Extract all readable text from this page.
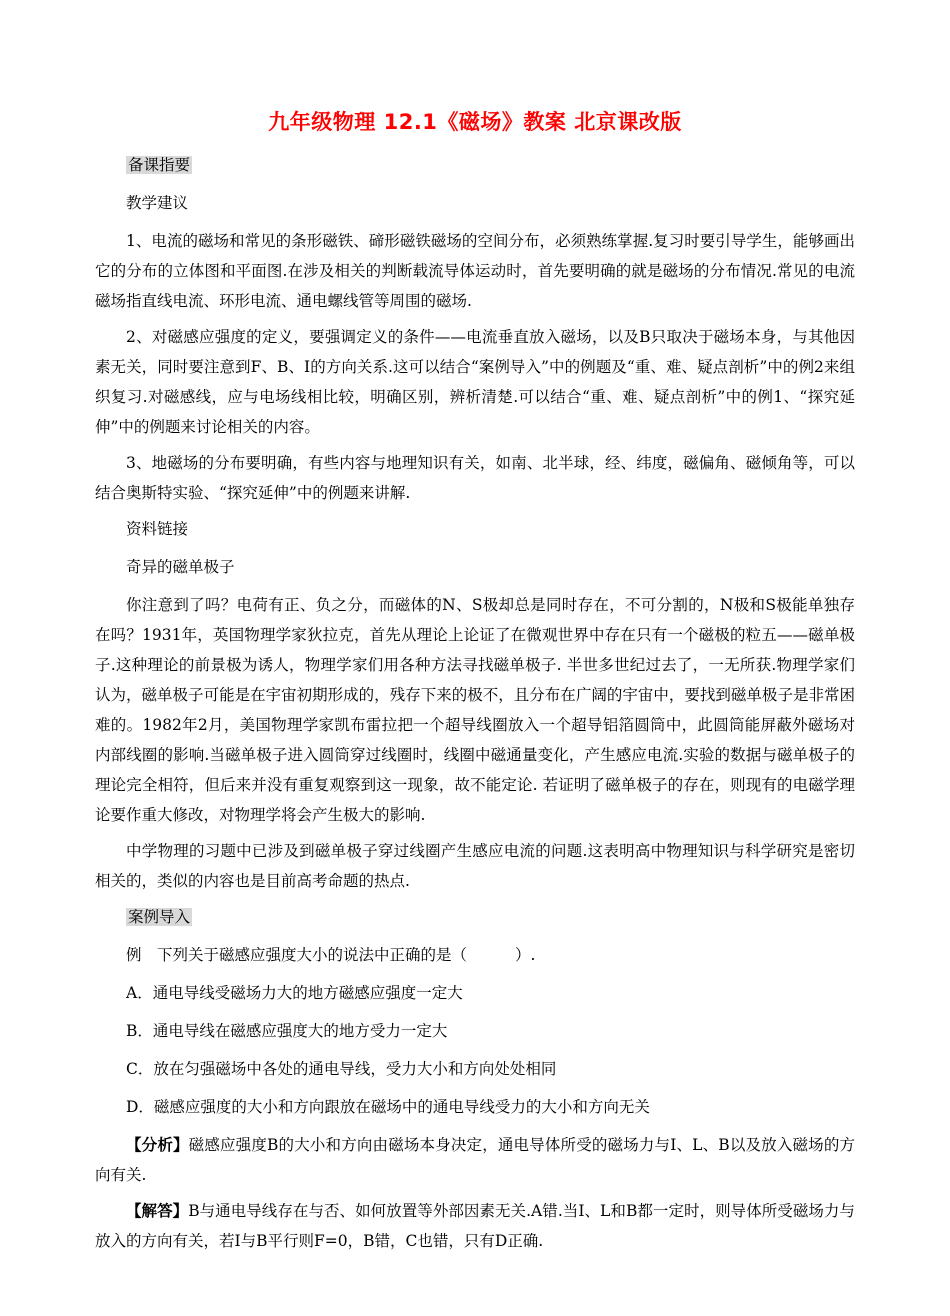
九年级物理 12.1《磁场》教案 北京课改版

备课指要

教学建议

1、电流的磁场和常见的条形磁铁、碲形磁铁磁场的空间分布，必须熟练掌握.复习时要引导学生，能够画出它的分布的立体图和平面图.在涉及相关的判断载流导体运动时，首先要明确的就是磁场的分布情况.常见的电流磁场指直线电流、环形电流、通电螺线管等周围的磁场.

2、对磁感应强度的定义，要强调定义的条件——电流垂直放入磁场，以及B只取决于磁场本身，与其他因素无关，同时要注意到F、B、I的方向关系.这可以结合“案例导入”中的例题及“重、难、疑点剖析”中的例2来组织复习.对磁感线，应与电场线相比较，明确区别，辨析清楚.可以结合“重、难、疑点剖析”中的例1、“探究延伸”中的例题来讨论相关的内容。

3、地磁场的分布要明确，有些内容与地理知识有关，如南、北半球，经、纬度，磁偏角、磁倾角等，可以结合奥斯特实验、“探究延伸”中的例题来讲解.

资料链接

奇异的磁单极子

你注意到了吗？电荷有正、负之分，而磁体的N、S极却总是同时存在，不可分割的，N极和S极能单独存在吗？1931年，英国物理学家狄拉克，首先从理论上论证了在微观世界中存在只有一个磁极的粒五——磁单极子.这种理论的前景极为诱人，物理学家们用各种方法寻找磁单极子. 半世多世纪过去了，一无所获.物理学家们认为，磁单极子可能是在宇宙初期形成的，残存下来的极不，且分布在广阔的宇宙中，要找到磁单极子是非常困难的。1982年2月，美国物理学家凯布雷拉把一个超导线圈放入一个超导铝箔圆筒中，此圆筒能屏蔽外磁场对内部线圈的影响.当磁单极子进入圆筒穿过线圈时，线圈中磁通量变化，产生感应电流.实验的数据与磁单极子的理论完全相符，但后来并没有重复观察到这一现象，故不能定论. 若证明了磁单极子的存在，则现有的电磁学理论要作重大修改，对物理学将会产生极大的影响.

中学物理的习题中已涉及到磁单极子穿过线圈产生感应电流的问题.这表明高中物理知识与科学研究是密切相关的，类似的内容也是目前高考命题的热点.

案例导入

例　下列关于磁感应强度大小的说法中正确的是（	）.

A．通电导线受磁场力大的地方磁感应强度一定大

B．通电导线在磁感应强度大的地方受力一定大

C．放在匀强磁场中各处的通电导线，受力大小和方向处处相同

D．磁感应强度的大小和方向跟放在磁场中的通电导线受力的大小和方向无关

【分析】磁感应强度B的大小和方向由磁场本身决定，通电导体所受的磁场力与I、L、B以及放入磁场的方向有关.

【解答】B与通电导线存在与否、如何放置等外部因素无关.A错.当I、L和B都一定时，则导体所受磁场力与放入的方向有关，若I与B平行则F=0，B错，C也错，只有D正确.
